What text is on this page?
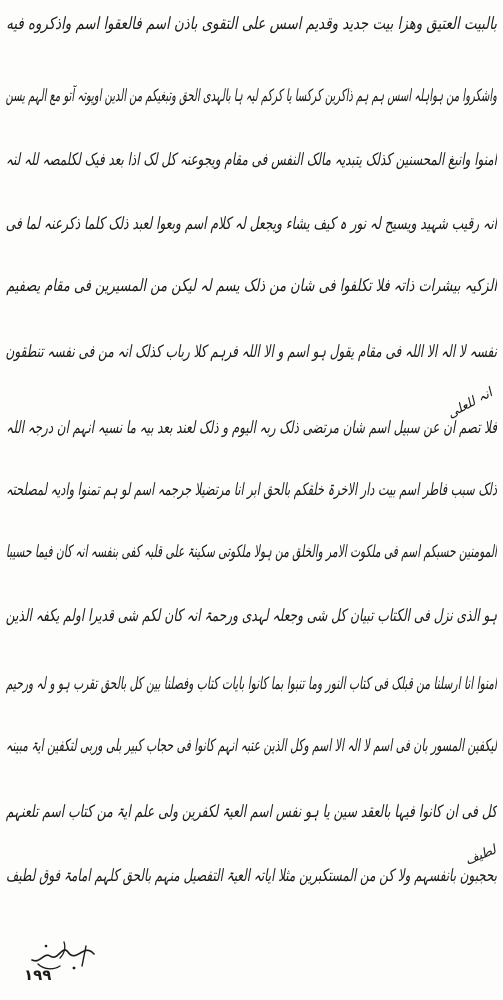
بالبیت العتیق وهزا بیت جدید وقدیم اسس علی التقوی باذن اسم فالعقوا اسم واذکروه فیه
واشکروا من ہواہلہ اسس ہم ہم ذاکرین کرکسا یا کرکم لیہ ہا بالہدی الحق وتبغیکم من الدین اوپوتہ آتو مع الہم یسن
امنوا وانبغ المحسنین کذلک یتبدیہ مالک النفس فی مقام ویجوعنہ کل لک اذا بعد فیک لکلمصہ للہ لنہ
انہ رقیب شہید ویسیح لہ نور ہ کیف یشاء ویجعل لہ کلام اسم وبعوا لعبد ذلک کلما ذکرعنہ لما فی
الزکیہ بیشرات ذاتہ فلا تکلفوا فی شان من ذلک یسم لہ لیکن من المسیرین فی مقام یصفیم
نفسہ لا الہ الا اللہ فی مقام یقول ہو اسم و الا اللہ فرہم کلا رباب کذلک انہ من فی نفسہ تنطقون
فلا تصم ان عن سبیل اسم شان مرتضی ذلک ربہ الیوم و ذلک لعند بعد بیہ ما نسیہ انہم ان درجہ اللہ
ذلک سبب فاطر اسم بیت دار الاخرۃ خلقکم بالحق ابر انا مرتضیلا جرجمہ اسم لو ہم تمنوا وادیہ لمصلحتہ
المومنین حسبکم اسم فی ملکوت الامر والخلق من ہولا ملکوتی سکینۃ علی قلبہ کفی بنفسہ انہ کان فیما حسیبا
ہو الذی نزل فی الکتاب تبیان کل شی وجعلہ لہدی ورحمۃ انہ کان لکم شی قدیرا اولم یکفہ الذین
امنوا انا ارسلنا من قبلک فی کتاب النور وما تنبوا بما کانوا بایات کتاب وفصلنا بین کل بالحق تقرب ہو و لہ ورحیم
لیکفین المسور بان فی اسم لا الہ الا اسم وکل الذین عتبہ انہم کانوا فی حجاب کبیر بلی وربی لتکفین ایۃ مبینہ
کل فی ان کانوا فیہا بالعقد سین یا ہو نفس اسم العیۃ لکفرین ولی علم ایۃ من کتاب اسم تلعنہم
بحجبون بانفسہم ولا کن من المستکبرین مثلا ایاتہ العیۃ التفصیل منہم بالحق کلہم امامۃ فوق لطیف
انہ للعلی
لطیف
١٩٩
